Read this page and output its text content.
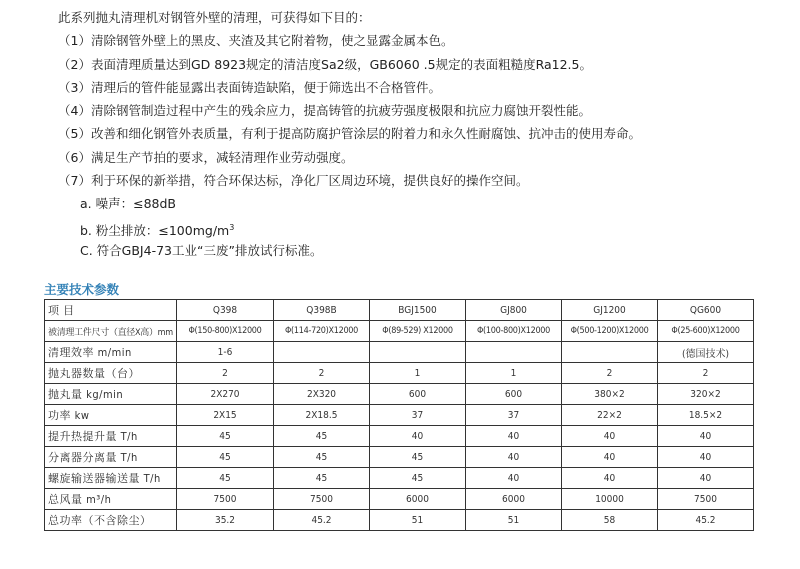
此系列抛丸清理机对钢管外壁的清理，可获得如下目的：
（1）清除钢管外壁上的黑皮、夹渣及其它附着物，使之显露金属本色。
（2）表面清理质量达到GD 8923规定的清洁度Sa2级，GB6060 .5规定的表面粗糙度Ra12.5。
（3）清理后的管件能显露出表面铸造缺陷，便于筛选出不合格管件。
（4）清除钢管制造过程中产生的残余应力，提高铸管的抗疲劳强度极限和抗应力腐蚀开裂性能。
（5）改善和细化钢管外表质量，有利于提高防腐护管涂层的附着力和永久性耐腐蚀、抗冲击的使用寿命。
（6）满足生产节拍的要求，减轻清理作业劳动强度。
（7）利于环保的新举措，符合环保达标，净化厂区周边环境，提供良好的操作空间。
a. 噪声：≤88dB
b. 粉尘排放：$\le 100mg/m^3$
C. 符合GBJ4-73工业“三废”排放试行标准。
主要技术参数
项 目	Q398	Q398B	BGJ1500	GJ800	GJ1200	QG600
被清理工件尺寸（直径X高）mm	Φ(150-800)X12000	Φ(114-720)X12000	Φ(89-529) X12000	Φ(100-800)X12000	Φ(500-1200)X12000	Φ(25-600)X12000
清理效率 m/min	1-6					(德国技术)
抛丸器数量（台）	2	2	1	1	2	2
抛丸量 kg/min	2X270	2X320	600	600	380×2	320×2
功率 kw	2X15	2X18.5	37	37	22×2	18.5×2
提升热提升量 T/h	45	45	40	40	40	40
分离器分离量 T/h	45	45	45	40	40	40
螺旋输送器输送量 T/h	45	45	45	40	40	40
总风量 m³/h	7500	7500	6000	6000	10000	7500
总功率（不含除尘）	35.2	45.2	51	51	58	45.2
